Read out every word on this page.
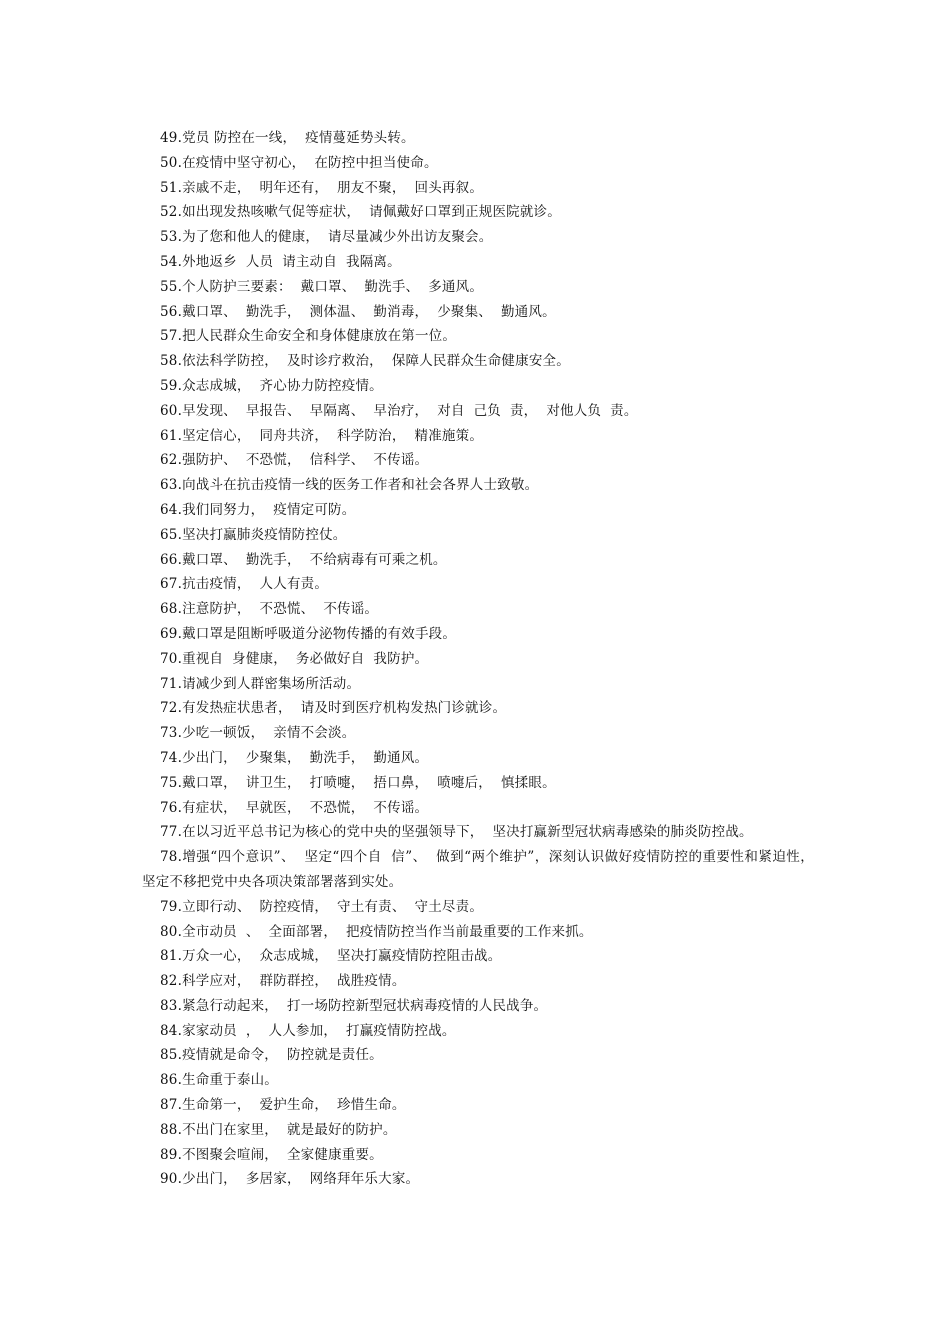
49.党员 防控在一线，  疫情蔓延势头转。
50.在疫情中坚守初心，  在防控中担当使命。
51.亲戚不走，  明年还有，  朋友不聚，  回头再叙。
52.如出现发热咳嗽气促等症状，  请佩戴好口罩到正规医院就诊。
53.为了您和他人的健康，  请尽量减少外出访友聚会。
54.外地返乡  人员  请主动自  我隔离。
55.个人防护三要素：  戴口罩、  勤洗手、  多通风。
56.戴口罩、  勤洗手，  测体温、  勤消毒，  少聚集、  勤通风。
57.把人民群众生命安全和身体健康放在第一位。
58.依法科学防控，  及时诊疗救治，  保障人民群众生命健康安全。
59.众志成城，  齐心协力防控疫情。
60.早发现、  早报告、  早隔离、  早治疗，  对自  己负  责，  对他人负  责。
61.坚定信心，  同舟共济，  科学防治，  精准施策。
62.强防护、  不恐慌，  信科学、  不传谣。
63.向战斗在抗击疫情一线的医务工作者和社会各界人士致敬。
64.我们同努力，  疫情定可防。
65.坚决打赢肺炎疫情防控仗。
66.戴口罩、  勤洗手，  不给病毒有可乘之机。
67.抗击疫情，  人人有责。
68.注意防护，  不恐慌、  不传谣。
69.戴口罩是阻断呼吸道分泌物传播的有效手段。
70.重视自  身健康，  务必做好自  我防护。
71.请减少到人群密集场所活动。
72.有发热症状患者，  请及时到医疗机构发热门诊就诊。
73.少吃一顿饭，  亲情不会淡。
74.少出门，  少聚集，  勤洗手，  勤通风。
75.戴口罩，  讲卫生，  打喷嚏，  捂口鼻，  喷嚏后，  慎揉眼。
76.有症状，  早就医，  不恐慌，  不传谣。
77.在以习近平总书记为核心的党中央的坚强领导下，  坚决打赢新型冠状病毒感染的肺炎防控战。
78.增强“四个意识”、  坚定“四个自  信”、  做到“两个维护”，深刻认识做好疫情防控的重要性和紧迫性，  坚定不移把党中央各项决策部署落到实处。
79.立即行动、  防控疫情，  守土有责、  守土尽责。
80.全市动员  、  全面部署，  把疫情防控当作当前最重要的工作来抓。
81.万众一心，  众志成城，  坚决打赢疫情防控阻击战。
82.科学应对，  群防群控，  战胜疫情。
83.紧急行动起来，  打一场防控新型冠状病毒疫情的人民战争。
84.家家动员  ，  人人参加，  打赢疫情防控战。
85.疫情就是命令，  防控就是责任。
86.生命重于泰山。
87.生命第一，  爱护生命，  珍惜生命。
88.不出门在家里，  就是最好的防护。
89.不图聚会喧闹，  全家健康重要。
90.少出门，  多居家，  网络拜年乐大家。
